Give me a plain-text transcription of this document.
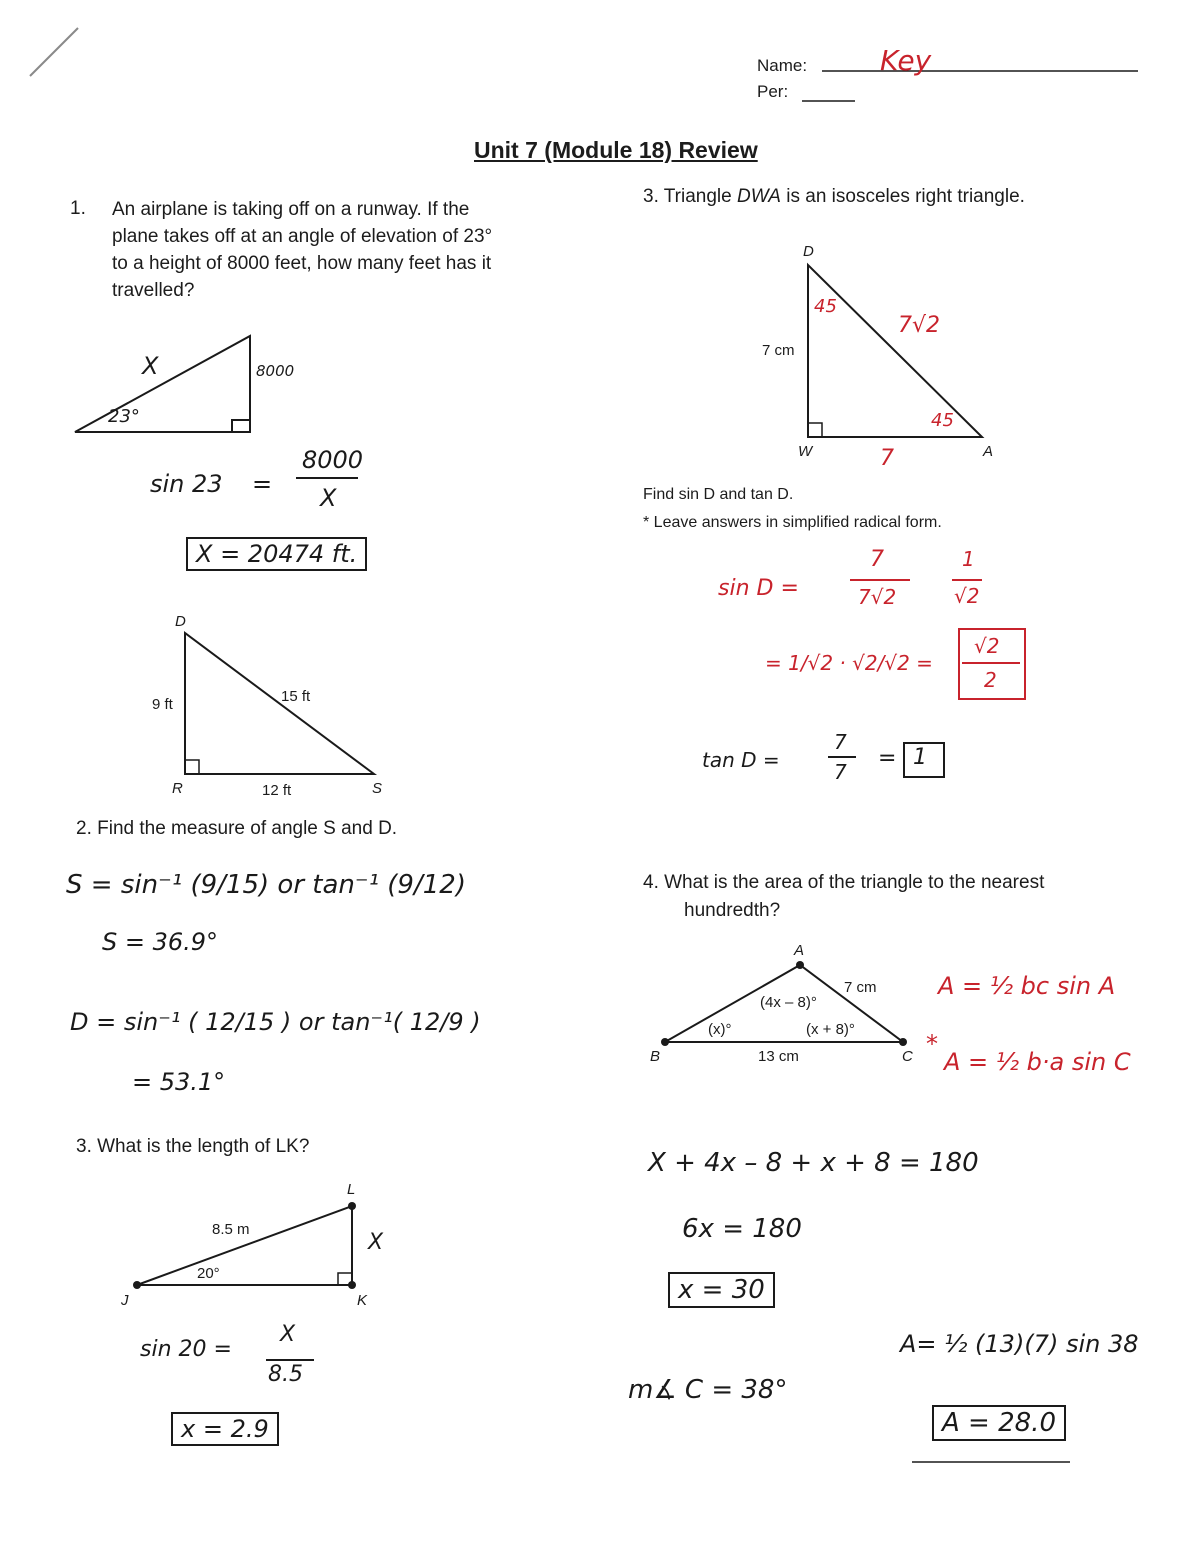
Name:	Key
Per:
Unit 7 (Module 18) Review
1. An airplane is taking off on a runway. If the
plane takes off at an angle of elevation of 23°
to a height of 8000 feet, how many feet has it
travelled?
X	8000
23°
sin 23 =
8000
X
X = 20474 ft.
D
R	S
9 ft	15 ft
12 ft
2. Find the measure of angle S and D.
S = sin⁻¹ (9/15) or tan⁻¹ (9/12)
S = 36.9°
D = sin⁻¹ ( 12/15 ) or tan⁻¹( 12/9 )
= 53.1°
3. What is the length of LK?
L
J	K
8.5 m
20°
X
sin 20 =
X
8.5
x = 2.9
3. Triangle DWA is an isosceles right triangle.
D
W	A
7 cm
45
45
7√2
7
Find sin D and tan D.
* Leave answers in simplified radical form.
sin D =
7
7√2
1
√2
= 1/√2 · √2/√2 =
√2
2
tan D =
7
7
= 1
4. What is the area of the triangle to the nearest
hundredth?
A
B	C
7 cm
13 cm
(4x – 8)°
(x)°	(x + 8)°
A = ½ bc sin A
*
A = ½ b·a sin C
X + 4x – 8 + x + 8 = 180
6x = 180
x = 30
m∡ C = 38°
A= ½ (13)(7) sin 38
A = 28.0
